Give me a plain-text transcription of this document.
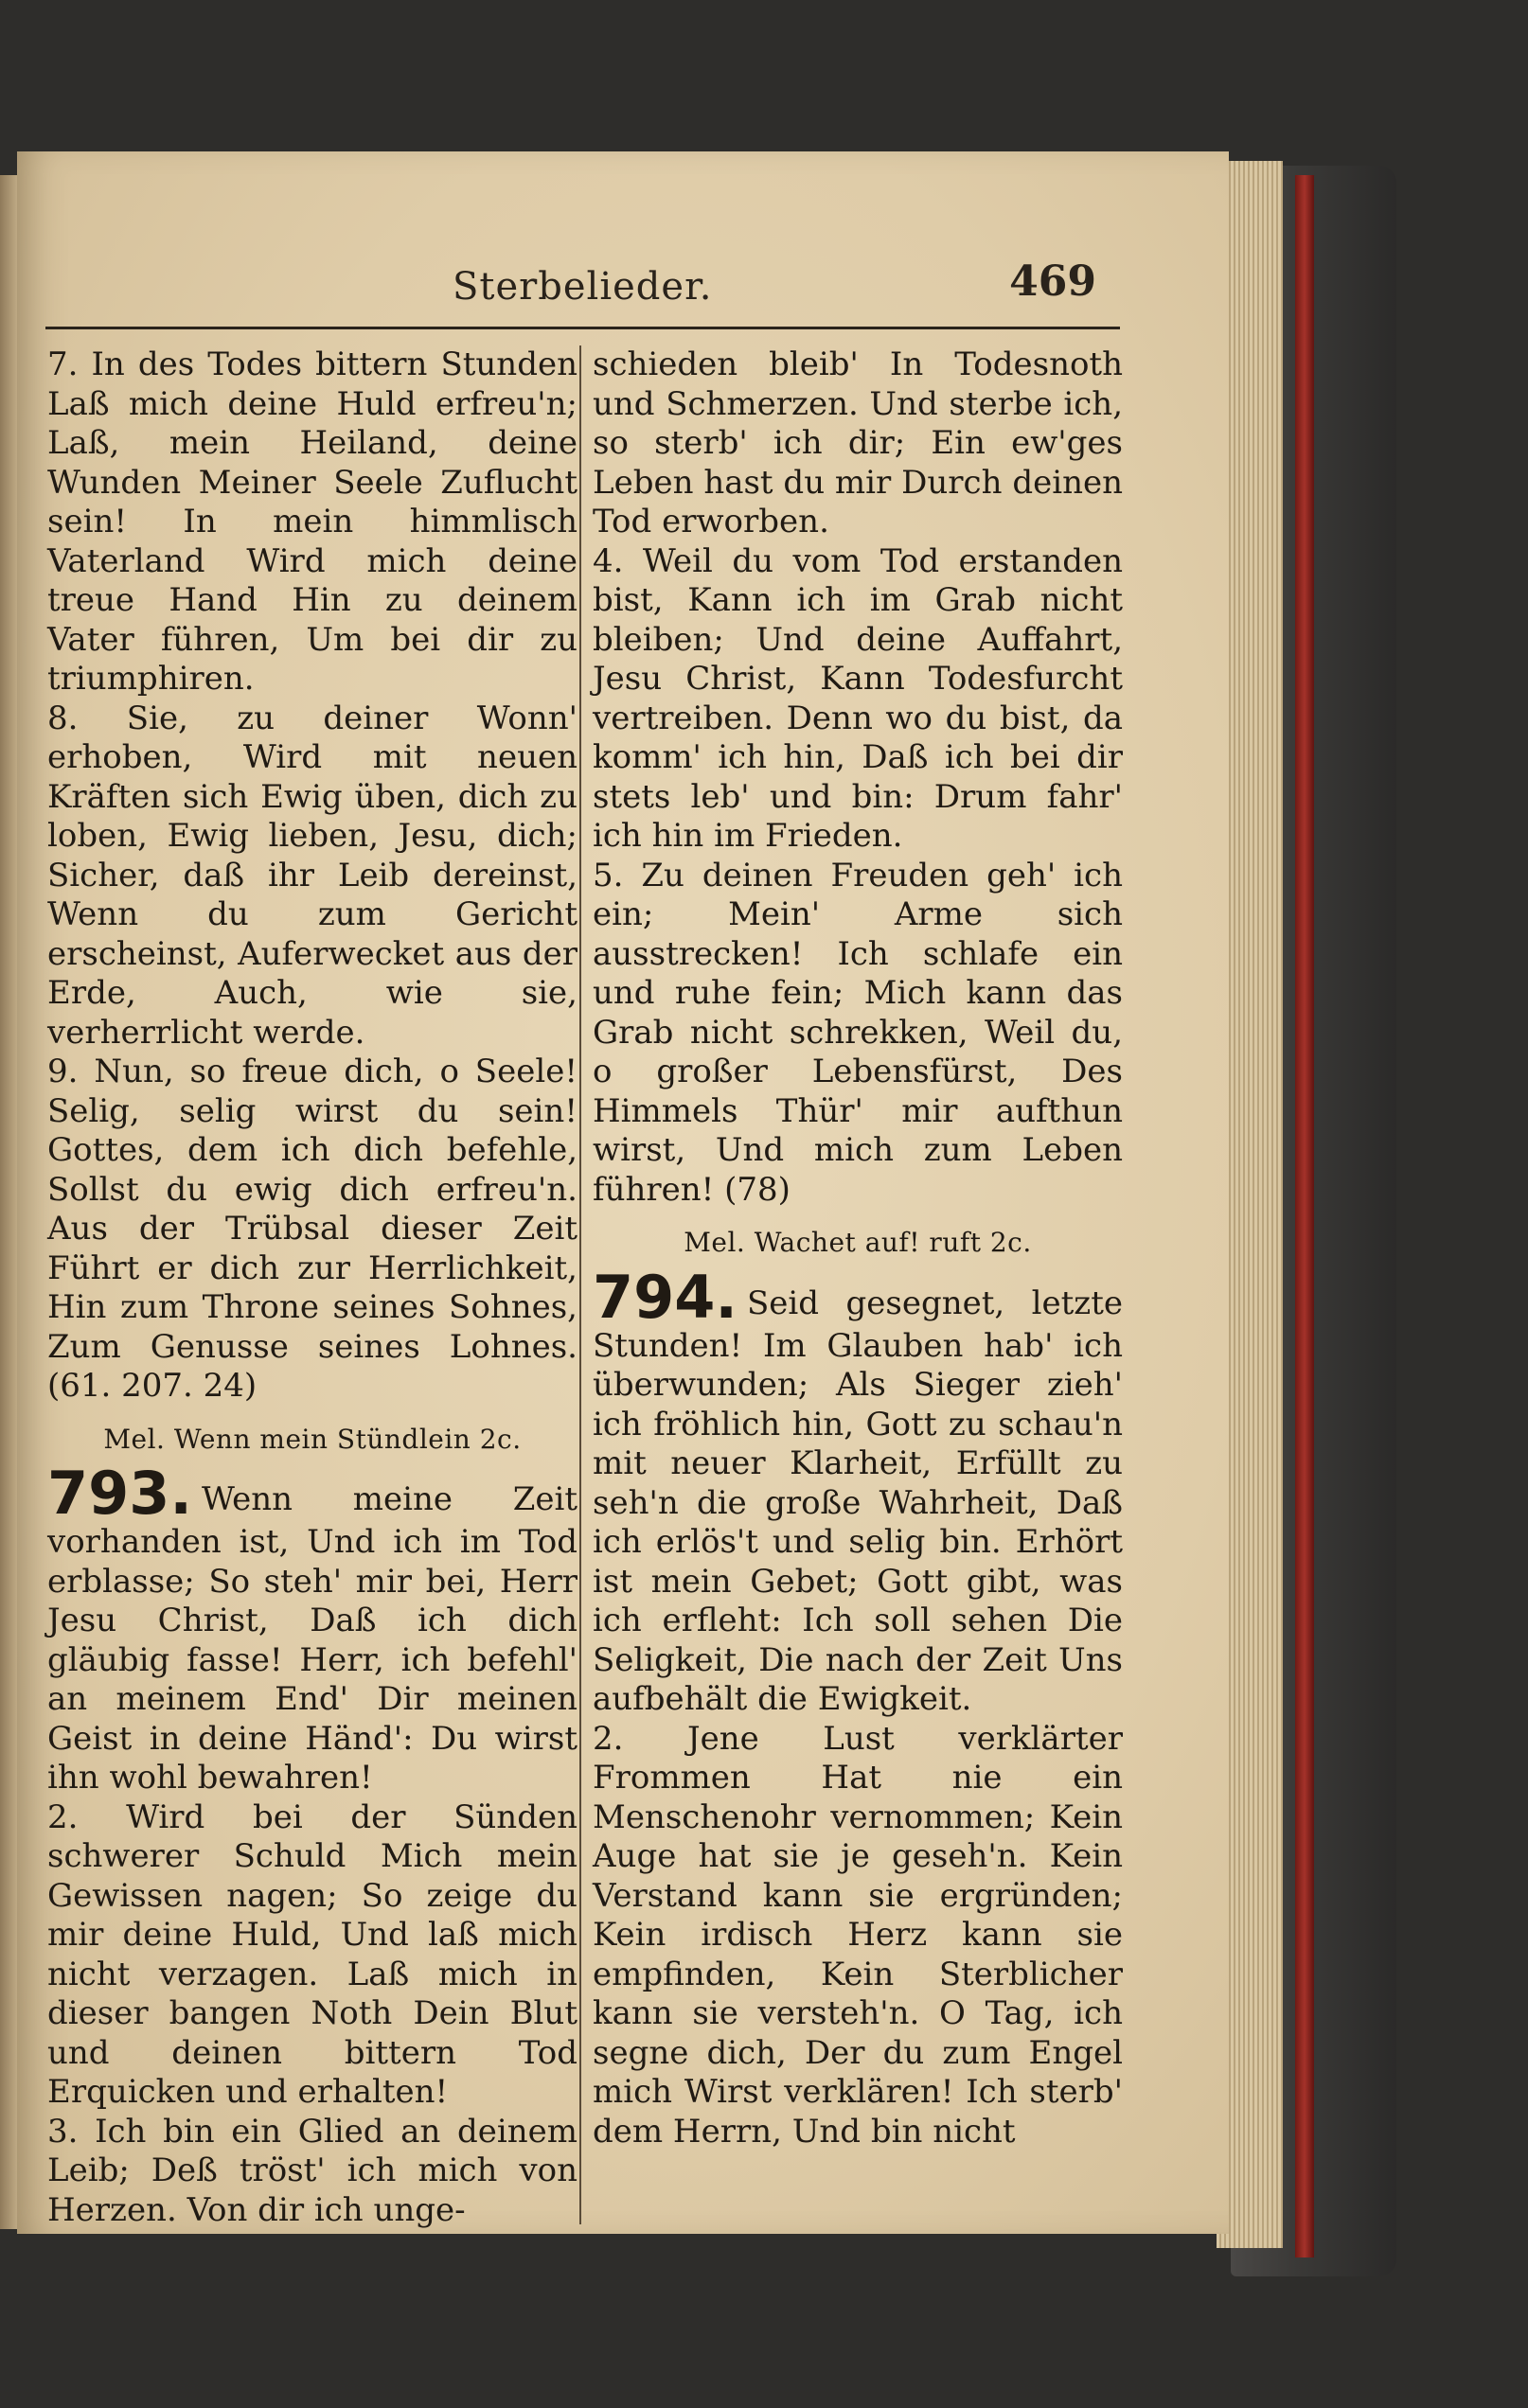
Sterbelieder.	469

7. In des Todes bittern Stunden Laß mich deine Huld erfreu'n; Laß, mein Heiland, deine Wunden Meiner Seele Zuflucht sein! In mein himmlisch Vaterland Wird mich deine treue Hand Hin zu deinem Vater führen, Um bei dir zu triumphiren.

8. Sie, zu deiner Wonn' erhoben, Wird mit neuen Kräften sich Ewig üben, dich zu loben, Ewig lieben, Jesu, dich; Sicher, daß ihr Leib dereinst, Wenn du zum Gericht erscheinst, Auferwecket aus der Erde, Auch, wie sie, verherrlicht werde.

9. Nun, so freue dich, o Seele! Selig, selig wirst du sein! Gottes, dem ich dich befehle, Sollst du ewig dich erfreu'n. Aus der Trübsal dieser Zeit Führt er dich zur Herrlichkeit, Hin zum Throne seines Sohnes, Zum Genusse seines Lohnes. (61. 207. 24)

Mel. Wenn mein Stündlein 2c.

793. Wenn meine Zeit vorhanden ist, Und ich im Tod erblasse; So steh' mir bei, Herr Jesu Christ, Daß ich dich gläubig fasse! Herr, ich befehl' an meinem End' Dir meinen Geist in deine Händ': Du wirst ihn wohl bewahren!

2. Wird bei der Sünden schwerer Schuld Mich mein Gewissen nagen; So zeige du mir deine Huld, Und laß mich nicht verzagen. Laß mich in dieser bangen Noth Dein Blut und deinen bittern Tod Erquicken und erhalten!

3. Ich bin ein Glied an deinem Leib; Deß tröst' ich mich von Herzen. Von dir ich unge-

schieden bleib' In Todesnoth und Schmerzen. Und sterbe ich, so sterb' ich dir; Ein ew'ges Leben hast du mir Durch deinen Tod erworben.

4. Weil du vom Tod erstanden bist, Kann ich im Grab nicht bleiben; Und deine Auffahrt, Jesu Christ, Kann Todesfurcht vertreiben. Denn wo du bist, da komm' ich hin, Daß ich bei dir stets leb' und bin: Drum fahr' ich hin im Frieden.

5. Zu deinen Freuden geh' ich ein; Mein' Arme sich ausstrecken! Ich schlafe ein und ruhe fein; Mich kann das Grab nicht schrekken, Weil du, o großer Lebensfürst, Des Himmels Thür' mir aufthun wirst, Und mich zum Leben führen! (78)

Mel. Wachet auf! ruft 2c.

794. Seid gesegnet, letzte Stunden! Im Glauben hab' ich überwunden; Als Sieger zieh' ich fröhlich hin, Gott zu schau'n mit neuer Klarheit, Erfüllt zu seh'n die große Wahrheit, Daß ich erlös't und selig bin. Erhört ist mein Gebet; Gott gibt, was ich erfleht: Ich soll sehen Die Seligkeit, Die nach der Zeit Uns aufbehält die Ewigkeit.

2. Jene Lust verklärter Frommen Hat nie ein Menschenohr vernommen; Kein Auge hat sie je geseh'n. Kein Verstand kann sie ergründen; Kein irdisch Herz kann sie empfinden, Kein Sterblicher kann sie versteh'n. O Tag, ich segne dich, Der du zum Engel mich Wirst verklären! Ich sterb' dem Herrn, Und bin nicht
